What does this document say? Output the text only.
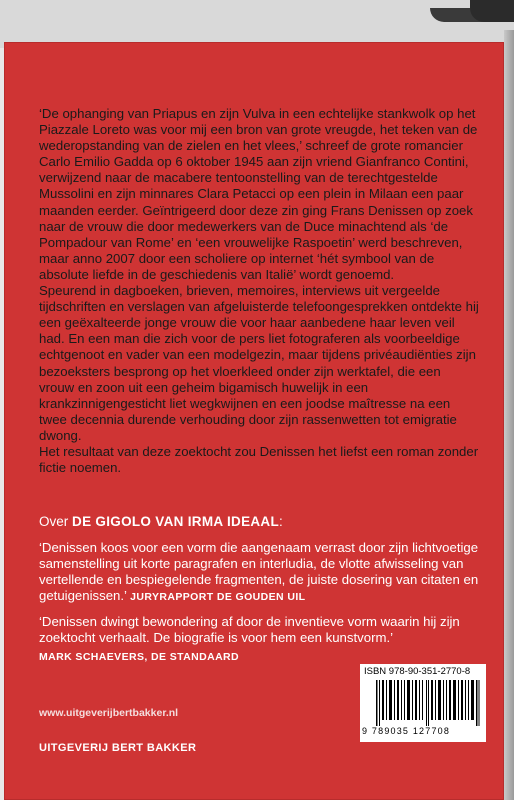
‘De ophanging van Priapus en zijn Vulva in een echtelijke stankwolk op het Piazzale Loreto was voor mij een bron van grote vreugde, het teken van de wederopstanding van de zielen en het vlees,’ schreef de grote romancier Carlo Emilio Gadda op 6 oktober 1945 aan zijn vriend Gianfranco Contini, verwijzend naar de macabere tentoonstelling van de terechtgestelde Mussolini en zijn minnares Clara Petacci op een plein in Milaan een paar maanden eerder. Geïntrigeerd door deze zin ging Frans Denissen op zoek naar de vrouw die door medewerkers van de Duce minachtend als ‘de Pompadour van Rome’ en ‘een vrouwelijke Raspoetin’ werd beschreven, maar anno 2007 door een scholiere op internet ‘hét symbool van de absolute liefde in de geschiedenis van Italië’ wordt genoemd.

Speurend in dagboeken, brieven, memoires, interviews uit vergeelde tijdschriften en verslagen van afgeluisterde telefoongesprekken ontdekte hij een geëxalteerde jonge vrouw die voor haar aanbedene haar leven veil had. En een man die zich voor de pers liet fotograferen als voorbeeldige echtgenoot en vader van een modelgezin, maar tijdens privéaudiënties zijn bezoeksters besprong op het vloerkleed onder zijn werktafel, die een vrouw en zoon uit een geheim bigamisch huwelijk in een krankzinnigengesticht liet wegkwijnen en een joodse maîtresse na een twee decennia durende verhouding door zijn rassenwetten tot emigratie dwong.

Het resultaat van deze zoektocht zou Denissen het liefst een roman zonder fictie noemen.

Over DE GIGOLO VAN IRMA IDEAAL:

‘Denissen koos voor een vorm die aangenaam verrast door zijn lichtvoetige samenstelling uit korte paragrafen en interludia, de vlotte afwisseling van vertellende en bespiegelende fragmenten, de juiste dosering van citaten en getuigenissen.’ JURYRAPPORT DE GOUDEN UIL

‘Denissen dwingt bewondering af door de inventieve vorm waarin hij zijn zoektocht verhaalt. De biografie is voor hem een kunstvorm.’

MARK SCHAEVERS, DE STANDAARD

www.uitgeverijbertbakker.nl
UITGEVERIJ BERT BAKKER
ISBN 978-90-351-2770-8
9 789035 127708
